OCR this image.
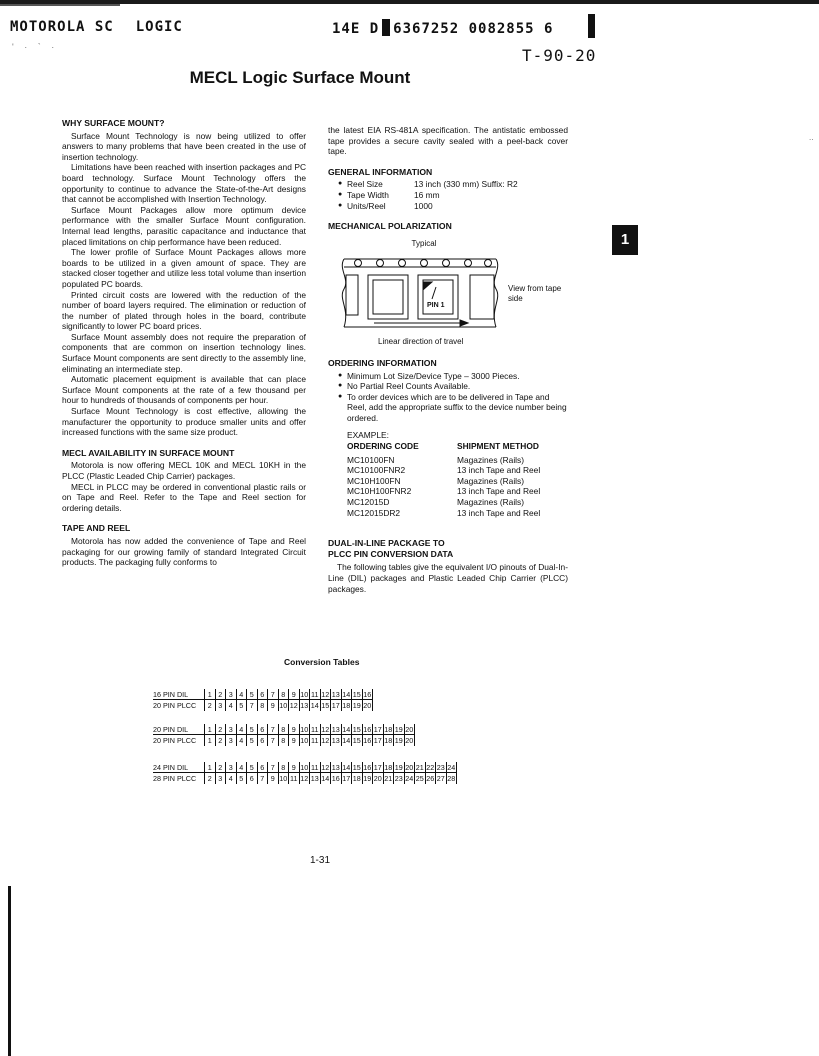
MOTOROLA SC LOGIC	14E D 6367252 0082855 6
' · ` ·	T-90-20
MECL Logic Surface Mount
1
..
WHY SURFACE MOUNT?

Surface Mount Technology is now being utilized to offer answers to many problems that have been created in the use of insertion technology.

Limitations have been reached with insertion packages and PC board technology. Surface Mount Technology offers the opportunity to continue to advance the State-of-the-Art designs that cannot be accomplished with Insertion Technology.

Surface Mount Packages allow more optimum device performance with the smaller Surface Mount configuration. Internal lead lengths, parasitic capacitance and inductance that placed limitations on chip performance have been reduced.

The lower profile of Surface Mount Packages allows more boards to be utilized in a given amount of space. They are stacked closer together and utilize less total volume than insertion populated PC boards.

Printed circuit costs are lowered with the reduction of the number of board layers required. The elimination or reduction of the number of plated through holes in the board, contribute significantly to lower PC board prices.

Surface Mount assembly does not require the preparation of components that are common on insertion technology lines. Surface Mount components are sent directly to the assembly line, eliminating an intermediate step.

Automatic placement equipment is available that can place Surface Mount components at the rate of a few thousand per hour to hundreds of thousands of components per hour.

Surface Mount Technology is cost effective, allowing the manufacturer the opportunity to produce smaller units and offer increased functions with the same size product.

MECL AVAILABILITY IN SURFACE MOUNT

Motorola is now offering MECL 10K and MECL 10KH in the PLCC (Plastic Leaded Chip Carrier) packages.

MECL in PLCC may be ordered in conventional plastic rails or on Tape and Reel. Refer to the Tape and Reel section for ordering details.

TAPE AND REEL

Motorola has now added the convenience of Tape and Reel packaging for our growing family of standard Integrated Circuit products. The packaging fully conforms to

the latest EIA RS-481A specification. The antistatic embossed tape provides a secure cavity sealed with a peel-back cover tape.

GENERAL INFORMATION
● Reel Size	13 inch (330 mm) Suffix: R2
● Tape Width	16 mm
● Units/Reel	1000
MECHANICAL POLARIZATION
Typical
View from tape side
PIN 1
Linear direction of travel
ORDERING INFORMATION
● Minimum Lot Size/Device Type – 3000 Pieces.
● No Partial Reel Counts Available.
● To order devices which are to be delivered in Tape and Reel, add the appropriate suffix to the device number being ordered.
EXAMPLE:
ORDERING CODE	SHIPMENT METHOD
MC10100FN	Magazines (Rails)
MC10100FNR2	13 inch Tape and Reel
MC10H100FN	Magazines (Rails)
MC10H100FNR2	13 inch Tape and Reel
MC12015D	Magazines (Rails)
MC12015DR2	13 inch Tape and Reel
DUAL-IN-LINE PACKAGE TO
PLCC PIN CONVERSION DATA

The following tables give the equivalent I/O pinouts of Dual-In-Line (DIL) packages and Plastic Leaded Chip Carrier (PLCC) packages.

Conversion Tables
16 PIN DIL	1 2 3 4 5 6 7 8 9 10 11 12 13 14 15 16
20 PIN PLCC	2 3 4 5 7 8 9 10 12 13 14 15 17 18 19 20
20 PIN DIL	1 2 3 4 5 6 7 8 9 10 11 12 13 14 15 16 17 18 19 20
20 PIN PLCC	1 2 3 4 5 6 7 8 9 10 11 12 13 14 15 16 17 18 19 20
24 PIN DIL	1 2 3 4 5 6 7 8 9 10 11 12 13 14 15 16 17 18 19 20 21 22 23 24
28 PIN PLCC	2 3 4 5 6 7 9 10 11 12 13 14 16 17 18 19 20 21 23 24 25 26 27 28
1-31
